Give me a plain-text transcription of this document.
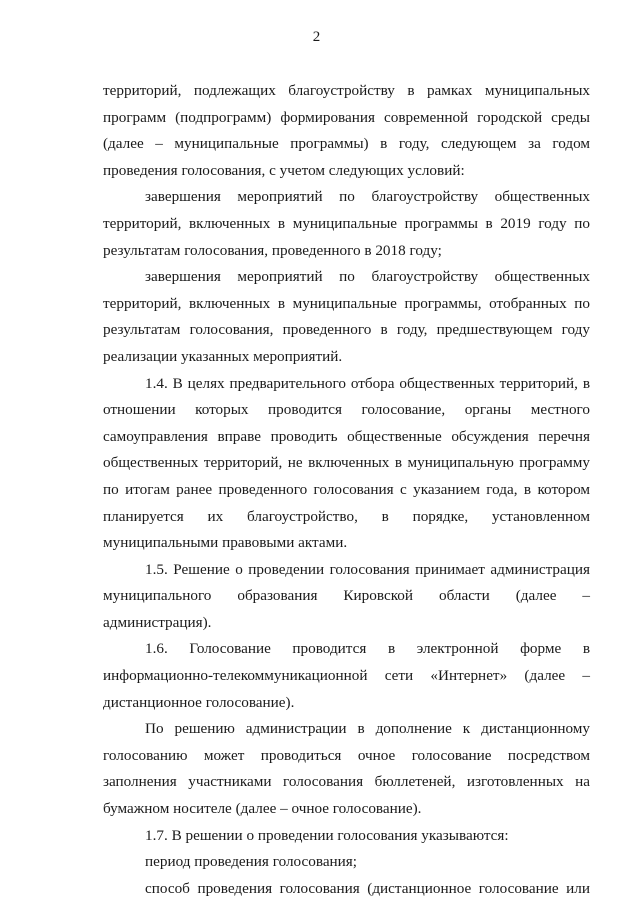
2

территорий, подлежащих благоустройству в рамках муниципальных программ (подпрограмм) формирования современной городской среды (далее – муниципальные программы) в году, следующем за годом проведения голосования, с учетом следующих условий:

завершения мероприятий по благоустройству общественных территорий, включенных в муниципальные программы в 2019 году по результатам голосования, проведенного в 2018 году;

завершения мероприятий по благоустройству общественных территорий, включенных в муниципальные программы, отобранных по результатам голосования, проведенного в году, предшествующем году реализации указанных мероприятий.

1.4. В целях предварительного отбора общественных территорий, в отношении которых проводится голосование, органы местного самоуправления вправе проводить общественные обсуждения перечня общественных территорий, не включенных в муниципальную программу по итогам ранее проведенного голосования с указанием года, в котором планируется их благоустройство, в порядке, установленном муниципальными правовыми актами.

1.5. Решение о проведении голосования принимает администрация муниципального образования Кировской области (далее – администрация).

1.6. Голосование проводится в электронной форме в информационно-телекоммуникационной сети «Интернет» (далее – дистанционное голосование).

По решению администрации в дополнение к дистанционному голосованию может проводиться очное голосование посредством заполнения участниками голосования бюллетеней, изготовленных на бумажном носителе (далее – очное голосование).

1.7. В решении о проведении голосования указываются:

период проведения голосования;

способ проведения голосования (дистанционное голосование или
